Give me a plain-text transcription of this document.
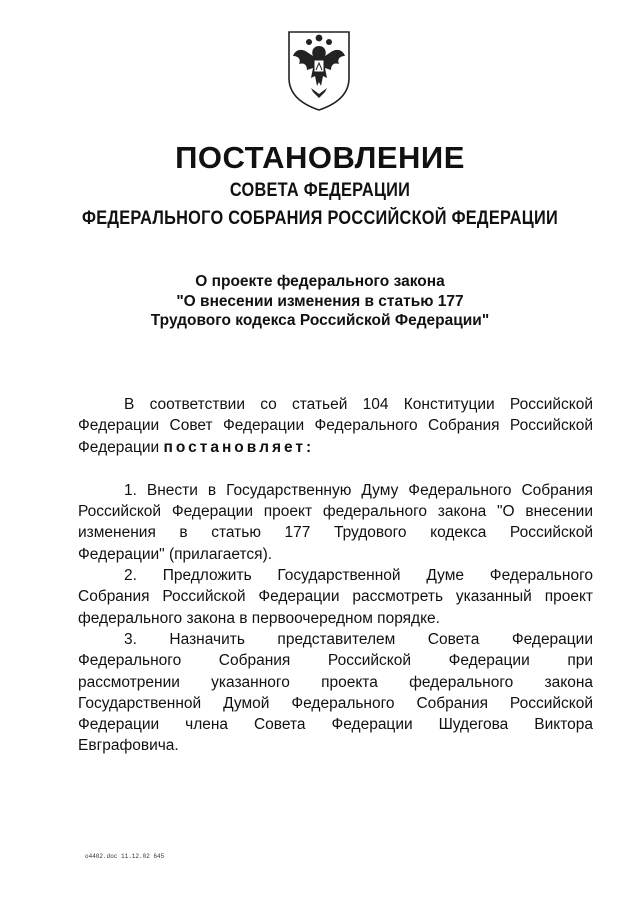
ПОСТАНОВЛЕНИЕ
СОВЕТА ФЕДЕРАЦИИ
ФЕДЕРАЛЬНОГО СОБРАНИЯ РОССИЙСКОЙ ФЕДЕРАЦИИ
О проекте федерального закона
"О внесении изменения в статью 177
Трудового кодекса Российской Федерации"
В соответствии со статьей 104 Конституции Российской
Федерации Совет Федерации Федерального Собрания Российской
Федерации постановляет:
1. Внести в Государственную Думу Федерального Собрания
Российской Федерации проект федерального закона "О внесении
изменения в статью 177 Трудового кодекса Российской
Федерации" (прилагается).
2. Предложить Государственной Думе Федерального
Собрания Российской Федерации рассмотреть указанный проект
федерального закона в первоочередном порядке.
3. Назначить представителем Совета Федерации
Федерального Собрания Российской Федерации при
рассмотрении указанного проекта федерального закона
Государственной Думой Федерального Собрания Российской
Федерации члена Совета Федерации Шудегова Виктора
Евграфовича.
о4402.doc 11.12.02 645
